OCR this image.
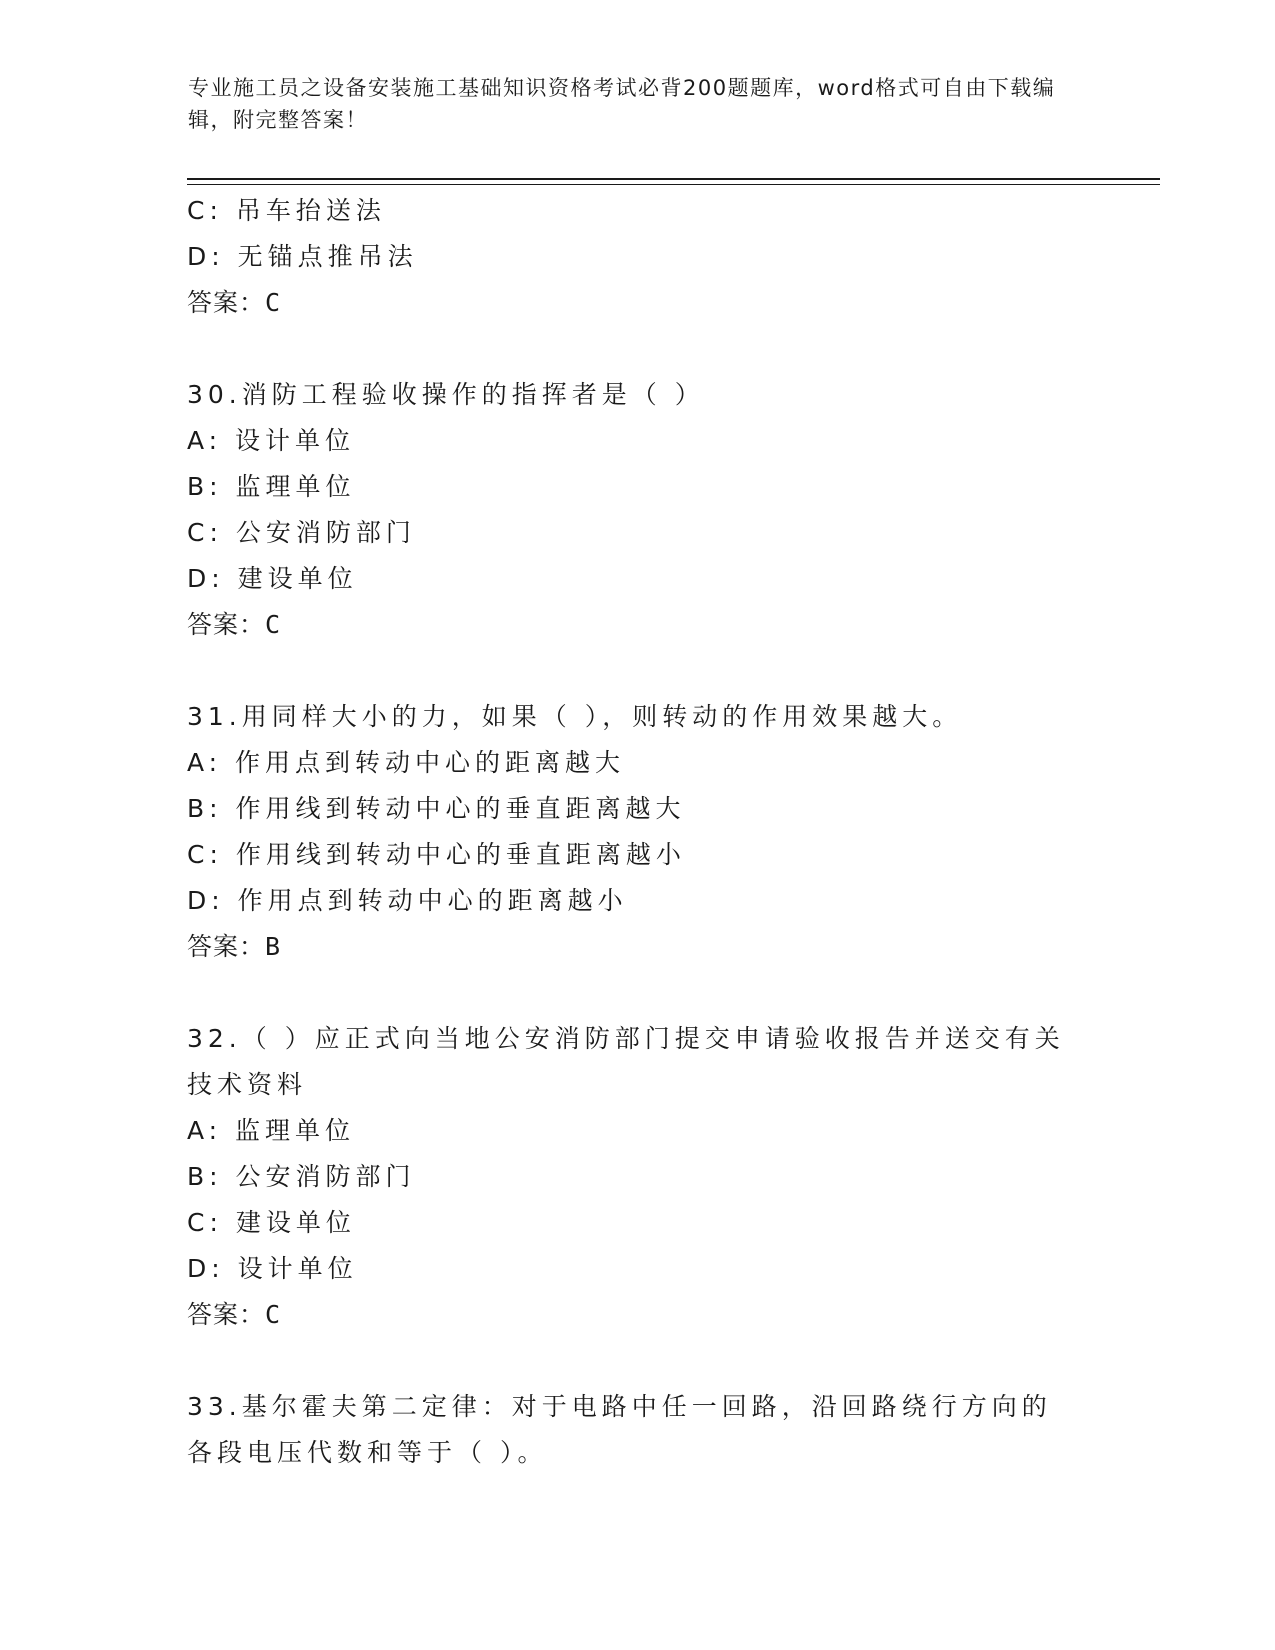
专业施工员之设备安装施工基础知识资格考试必背200题题库，word格式可自由下载编辑，附完整答案！
C: 吊车抬送法
D: 无锚点推吊法
答案：C
30.消防工程验收操作的指挥者是（ ）
A: 设计单位
B: 监理单位
C: 公安消防部门
D: 建设单位
答案：C
31.用同样大小的力，如果（ ），则转动的作用效果越大。
A: 作用点到转动中心的距离越大
B: 作用线到转动中心的垂直距离越大
C: 作用线到转动中心的垂直距离越小
D: 作用点到转动中心的距离越小
答案：B
32.（ ）应正式向当地公安消防部门提交申请验收报告并送交有关技术资料
A: 监理单位
B: 公安消防部门
C: 建设单位
D: 设计单位
答案：C
33.基尔霍夫第二定律：对于电路中任一回路，沿回路绕行方向的各段电压代数和等于（ ）。
